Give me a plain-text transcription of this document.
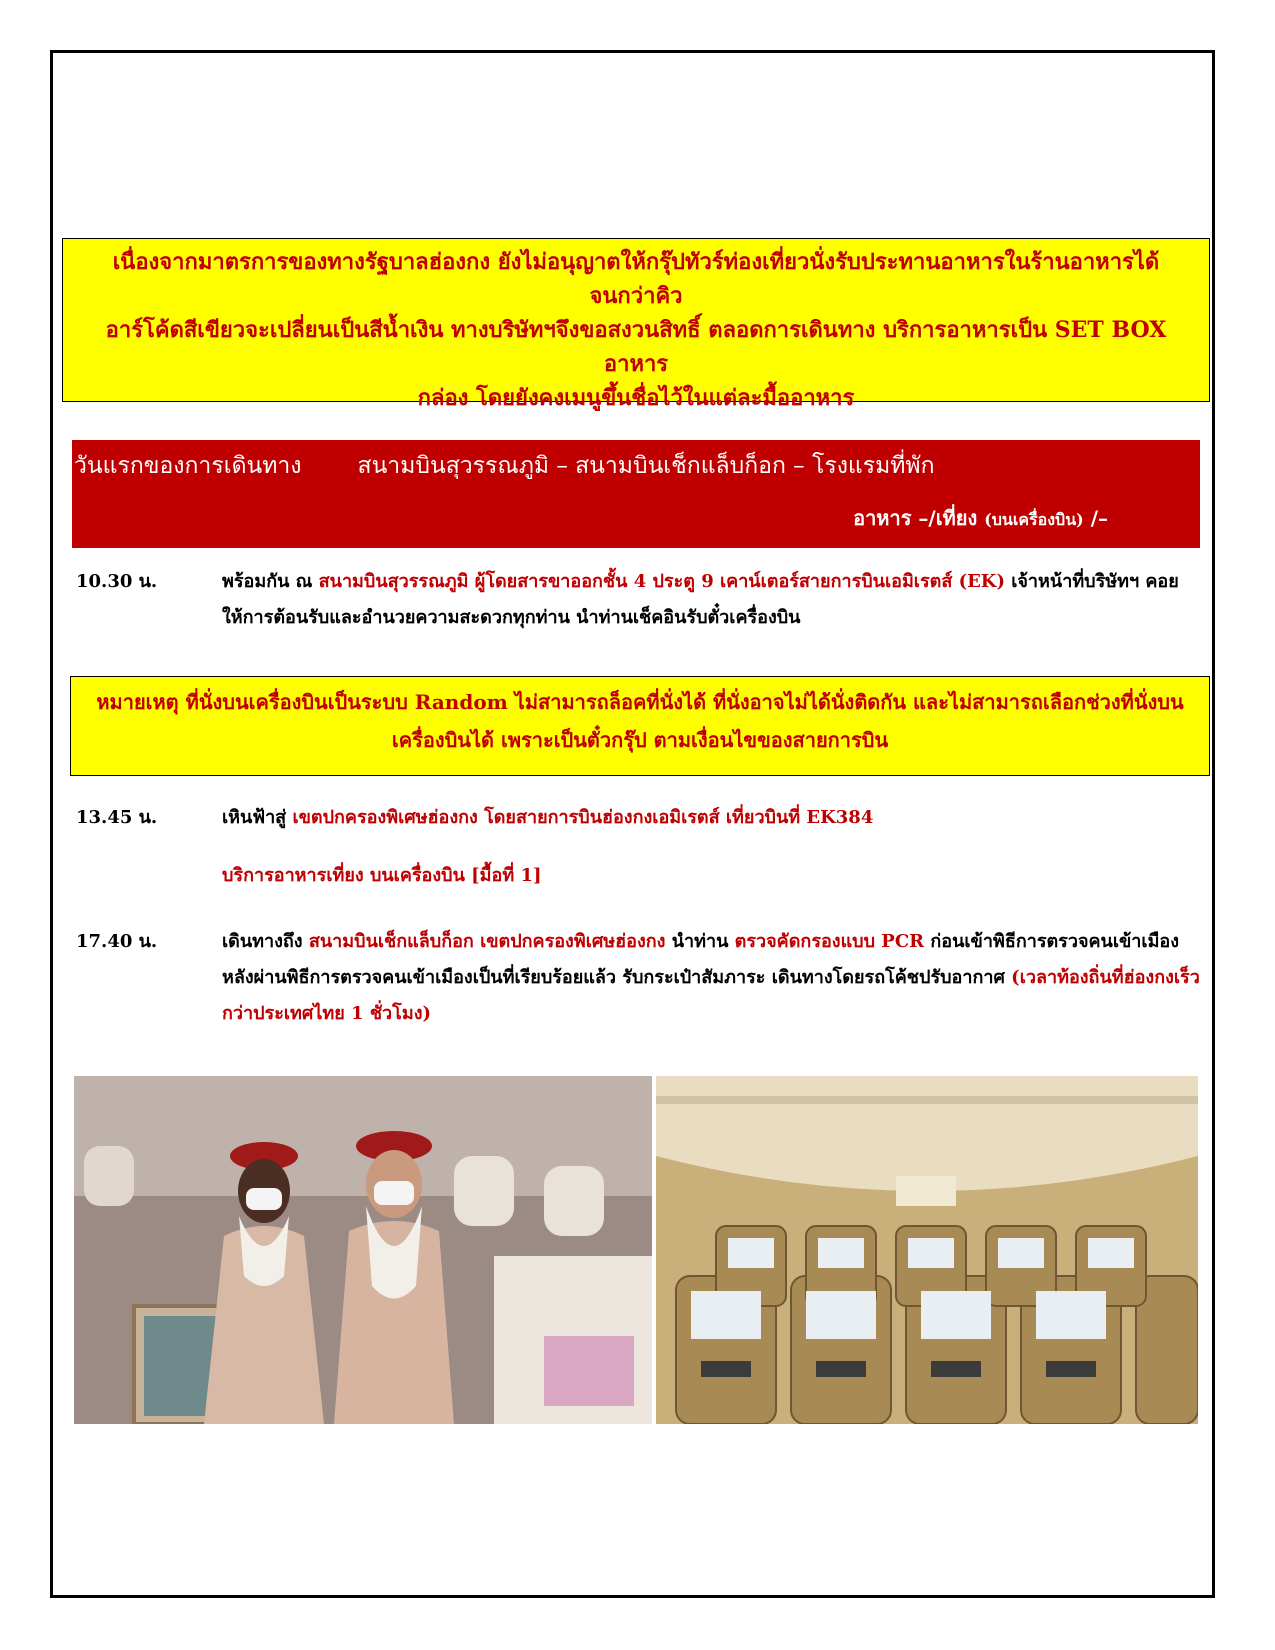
เนื่องจากมาตรการของทางรัฐบาลฮ่องกง ยังไม่อนุญาตให้กรุ๊ปทัวร์ท่องเที่ยวนั่งรับประทานอาหารในร้านอาหารได้ จนกว่าคิว
อาร์โค้ดสีเขียวจะเปลี่ยนเป็นสีน้ำเงิน ทางบริษัทฯจึงขอสงวนสิทธิ์ ตลอดการเดินทาง บริการอาหารเป็น SET BOX อาหาร
กล่อง โดยยังคงเมนูขึ้นชื่อไว้ในแต่ละมื้ออาหาร
วันแรกของการเดินทาง สนามบินสุวรรณภูมิ – สนามบินเช็กแล็บก็อก – โรงแรมที่พัก
อาหาร –/เที่ยง (บนเครื่องบิน) /–
10.30 น.	พร้อมกัน ณ สนามบินสุวรรณภูมิ ผู้โดยสารขาออกชั้น 4 ประตู 9 เคาน์เตอร์สายการบินเอมิเรตส์ (EK) เจ้าหน้าที่บริษัทฯ คอยให้การต้อนรับและอำนวยความสะดวกทุกท่าน นำท่านเช็คอินรับตั๋วเครื่องบิน
หมายเหตุ ที่นั่งบนเครื่องบินเป็นระบบ Random ไม่สามารถล็อคที่นั่งได้ ที่นั่งอาจไม่ได้นั่งติดกัน และไม่สามารถเลือกช่วงที่นั่งบน
เครื่องบินได้ เพราะเป็นตั๋วกรุ๊ป ตามเงื่อนไขของสายการบิน
13.45 น.	เหินฟ้าสู่ เขตปกครองพิเศษฮ่องกง โดยสายการบินฮ่องกงเอมิเรตส์ เที่ยวบินที่ EK384
บริการอาหารเที่ยง บนเครื่องบิน [มื้อที่ 1]
17.40 น.	เดินทางถึง สนามบินเช็กแล็บก็อก เขตปกครองพิเศษฮ่องกง นำท่าน ตรวจคัดกรองแบบ PCR ก่อนเข้าพิธีการตรวจคนเข้าเมือง หลังผ่านพิธีการตรวจคนเข้าเมืองเป็นที่เรียบร้อยแล้ว รับกระเป๋าสัมภาระ เดินทางโดยรถโค้ชปรับอากาศ (เวลาท้องถิ่นที่ฮ่องกงเร็วกว่าประเทศไทย 1 ชั่วโมง)
